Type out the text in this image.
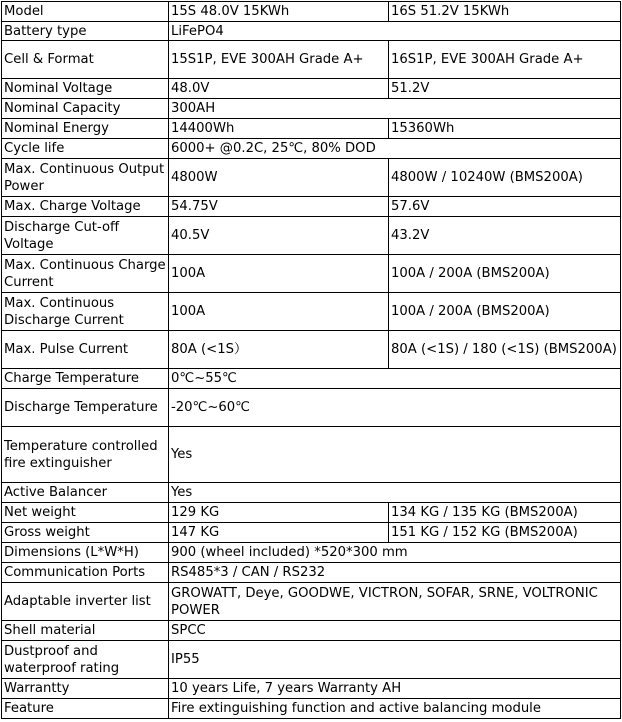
Model	15S 48.0V 15KWh	16S 51.2V 15KWh
Battery type	LiFePO4	
Cell & Format	15S1P, EVE 300AH Grade A+	16S1P, EVE 300AH Grade A+
Nominal Voltage	48.0V	51.2V
Nominal Capacity	300AH	
Nominal Energy	14400Wh	15360Wh
Cycle life	6000+ @0.2C, 25℃, 80% DOD	
Max. Continuous Output Power	4800W	4800W / 10240W (BMS200A)
Max. Charge Voltage	54.75V	57.6V
Discharge Cut-off Voltage	40.5V	43.2V
Max. Continuous Charge Current	100A	100A / 200A (BMS200A)
Max. Continuous Discharge Current	100A	100A / 200A (BMS200A)
Max. Pulse Current	80A (<1S）	80A (<1S) / 180 (<1S) (BMS200A)
Charge Temperature	0℃~55℃	
Discharge Temperature	-20℃~60℃	
Temperature controlled fire extinguisher	Yes	
Active Balancer	Yes	
Net weight	129 KG	134 KG / 135 KG (BMS200A)
Gross weight	147 KG	151 KG / 152 KG (BMS200A)
Dimensions (L*W*H)	900 (wheel included) *520*300 mm	
Communication Ports	RS485*3 / CAN / RS232	
Adaptable inverter list	GROWATT, Deye, GOODWE, VICTRON, SOFAR, SRNE, VOLTRONIC POWER	
Shell material	SPCC	
Dustproof and waterproof rating	IP55	
Warrantty	10 years Life, 7 years Warranty AH	
Feature	Fire extinguishing function and active balancing module	
